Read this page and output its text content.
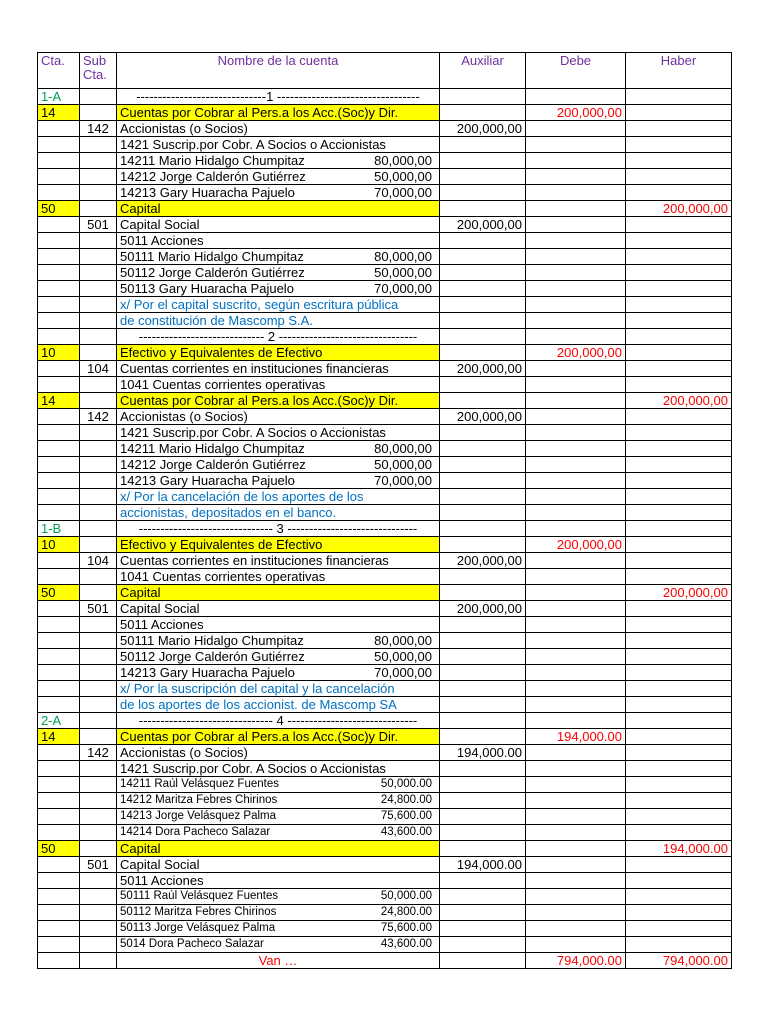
Cta.	Sub Cta.	Nombre de la cuenta	Auxiliar	Debe	Haber
1-A		------------------------------1 ---------------------------------			
14		Cuentas por Cobrar al Pers.a los Acc.(Soc)y Dir.		200,000,00	
	142	Accionistas (o Socios)	200,000,00		
		1421 Suscrip.por Cobr. A Socios o Accionistas			

		14211 Mario Hidalgo Chumpitaz 80,000,00			

		14212 Jorge Calderón Gutiérrez 50,000,00			

		14213 Gary Huaracha Pajuelo 70,000,00			

50		Capital			200,000,00
	501	Capital Social	200,000,00		
		5011 Acciones			

		50111 Mario Hidalgo Chumpitaz 80,000,00			

		50112 Jorge Calderón Gutiérrez 50,000,00			

		50113 Gary Huaracha Pajuelo 70,000,00			

		x/ Por el capital suscrito, según escritura pública			
		de constitución de Mascomp S.A.			
		----------------------------- 2 --------------------------------			
10		Efectivo y Equivalentes de Efectivo		200,000,00	
	104	Cuentas corrientes en instituciones financieras	200,000,00		
		1041 Cuentas corrientes operativas			
14		Cuentas por Cobrar al Pers.a los Acc.(Soc)y Dir.			200,000,00
	142	Accionistas (o Socios)	200,000,00		
		1421 Suscrip.por Cobr. A Socios o Accionistas			

		14211 Mario Hidalgo Chumpitaz 80,000,00			

		14212 Jorge Calderón Gutiérrez 50,000,00			

		14213 Gary Huaracha Pajuelo 70,000,00			

		x/ Por la cancelación de los aportes de los			
		accionistas, depositados en el banco.			
1-B		------------------------------- 3 ------------------------------			
10		Efectivo y Equivalentes de Efectivo		200,000,00	
	104	Cuentas corrientes en instituciones financieras	200,000,00		
		1041 Cuentas corrientes operativas			
50		Capital			200,000,00
	501	Capital Social	200,000,00		
		5011 Acciones			

		50111 Mario Hidalgo Chumpitaz 80,000,00			

		50112 Jorge Calderón Gutiérrez 50,000,00			

		14213 Gary Huaracha Pajuelo 70,000,00			

		x/ Por la suscripción del capital y la cancelación			
		de los aportes de los accionist. de Mascomp SA			
2-A		------------------------------- 4 ------------------------------			
14		Cuentas por Cobrar al Pers.a los Acc.(Soc)y Dir.		194,000.00	
	142	Accionistas (o Socios)	194,000.00		
		1421 Suscrip.por Cobr. A Socios o Accionistas			

		14211 Raúl Velásquez Fuentes 50,000.00			

		14212 Maritza Febres Chirinos 24,800.00			

		14213 Jorge Velásquez Palma 75,600.00			

		14214 Dora Pacheco Salazar 43,600.00			

50		Capital			194,000.00
	501	Capital Social	194,000.00		
		5011 Acciones			

		50111 Raúl Velásquez Fuentes 50,000.00			

		50112 Maritza Febres Chirinos 24,800.00			

		50113 Jorge Velásquez Palma 75,600.00			

		5014 Dora Pacheco Salazar 43,600.00			

		Van …		794,000.00	794,000.00
